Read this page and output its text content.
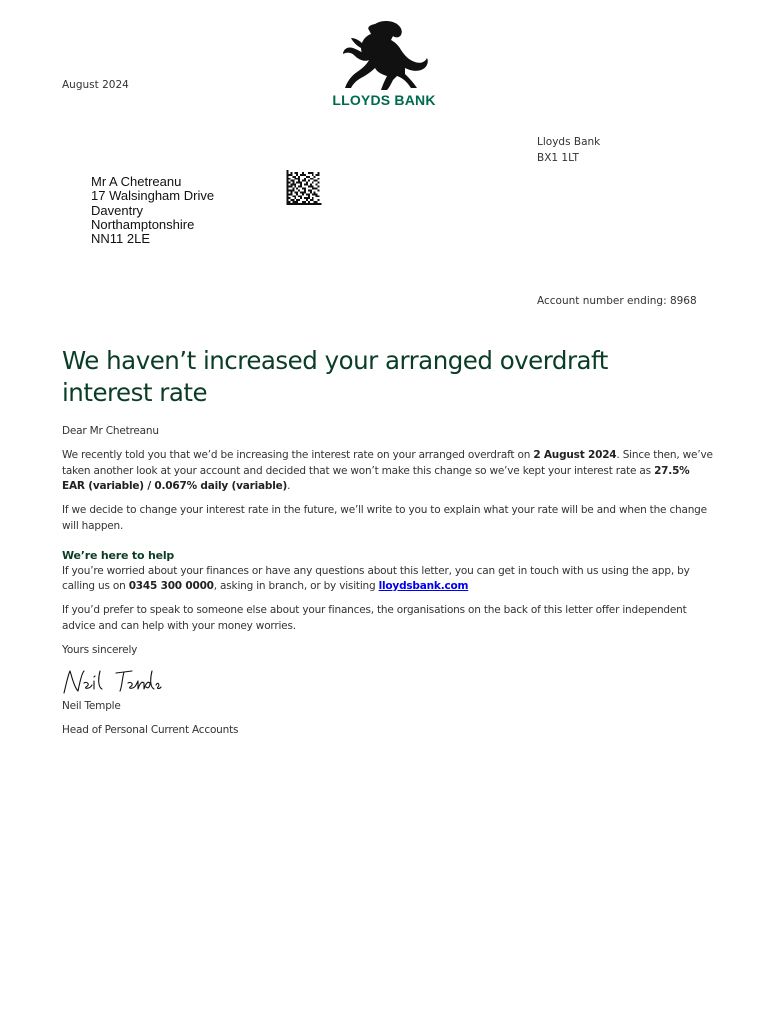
August 2024
LLOYDS BANK
Lloyds Bank
BX1 1LT
Mr A Chetreanu
17 Walsingham Drive
Daventry
Northamptonshire
NN11 2LE
Account number ending: 8968
We haven’t increased your arranged overdraft interest rate

Dear Mr Chetreanu

We recently told you that we’d be increasing the interest rate on your arranged overdraft on 2 August 2024. Since then, we’ve taken another look at your account and decided that we won’t make this change so we’ve kept your interest rate as 27.5% EAR (variable) / 0.067% daily (variable).

If we decide to change your interest rate in the future, we’ll write to you to explain what your rate will be and when the change will happen.

We’re here to help

If you’re worried about your finances or have any questions about this letter, you can get in touch with us using the app, by calling us on 0345 300 0000, asking in branch, or by visiting lloydsbank.com

If you’d prefer to speak to someone else about your finances, the organisations on the back of this letter offer independent advice and can help with your money worries.

Yours sincerely

Neil Temple

Head of Personal Current Accounts
